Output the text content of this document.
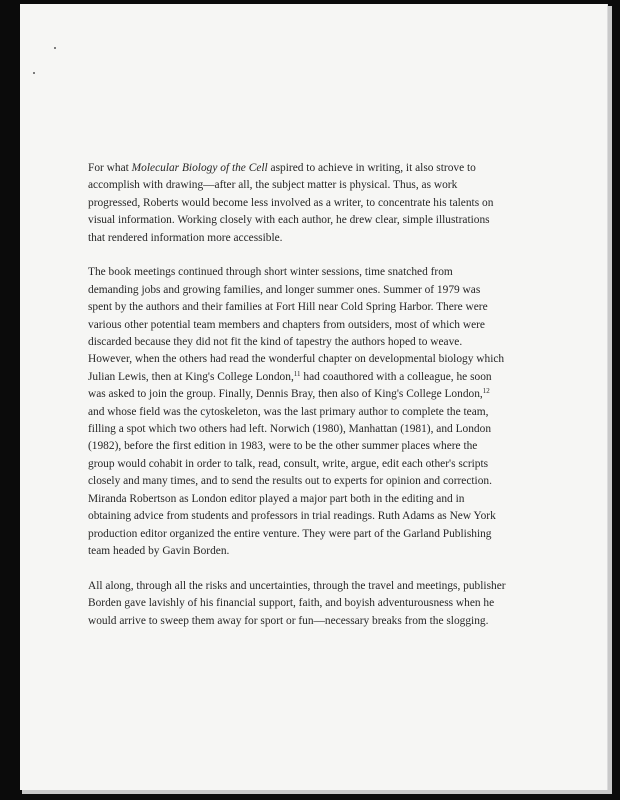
For what Molecular Biology of the Cell aspired to achieve in writing, it also strove to
accomplish with drawing—after all, the subject matter is physical. Thus, as work
progressed, Roberts would become less involved as a writer, to concentrate his talents on
visual information. Working closely with each author, he drew clear, simple illustrations
that rendered information more accessible.

The book meetings continued through short winter sessions, time snatched from
demanding jobs and growing families, and longer summer ones. Summer of 1979 was
spent by the authors and their families at Fort Hill near Cold Spring Harbor. There were
various other potential team members and chapters from outsiders, most of which were
discarded because they did not fit the kind of tapestry the authors hoped to weave.
However, when the others had read the wonderful chapter on developmental biology which
Julian Lewis, then at King's College London,$^{11}$ had coauthored with a colleague, he soon
was asked to join the group. Finally, Dennis Bray, then also of King's College London,$^{12}$
and whose field was the cytoskeleton, was the last primary author to complete the team,
filling a spot which two others had left. Norwich (1980), Manhattan (1981), and London
(1982), before the first edition in 1983, were to be the other summer places where the
group would cohabit in order to talk, read, consult, write, argue, edit each other's scripts
closely and many times, and to send the results out to experts for opinion and correction.
Miranda Robertson as London editor played a major part both in the editing and in
obtaining advice from students and professors in trial readings. Ruth Adams as New York
production editor organized the entire venture. They were part of the Garland Publishing
team headed by Gavin Borden.

All along, through all the risks and uncertainties, through the travel and meetings, publisher
Borden gave lavishly of his financial support, faith, and boyish adventurousness when he
would arrive to sweep them away for sport or fun—necessary breaks from the slogging.
